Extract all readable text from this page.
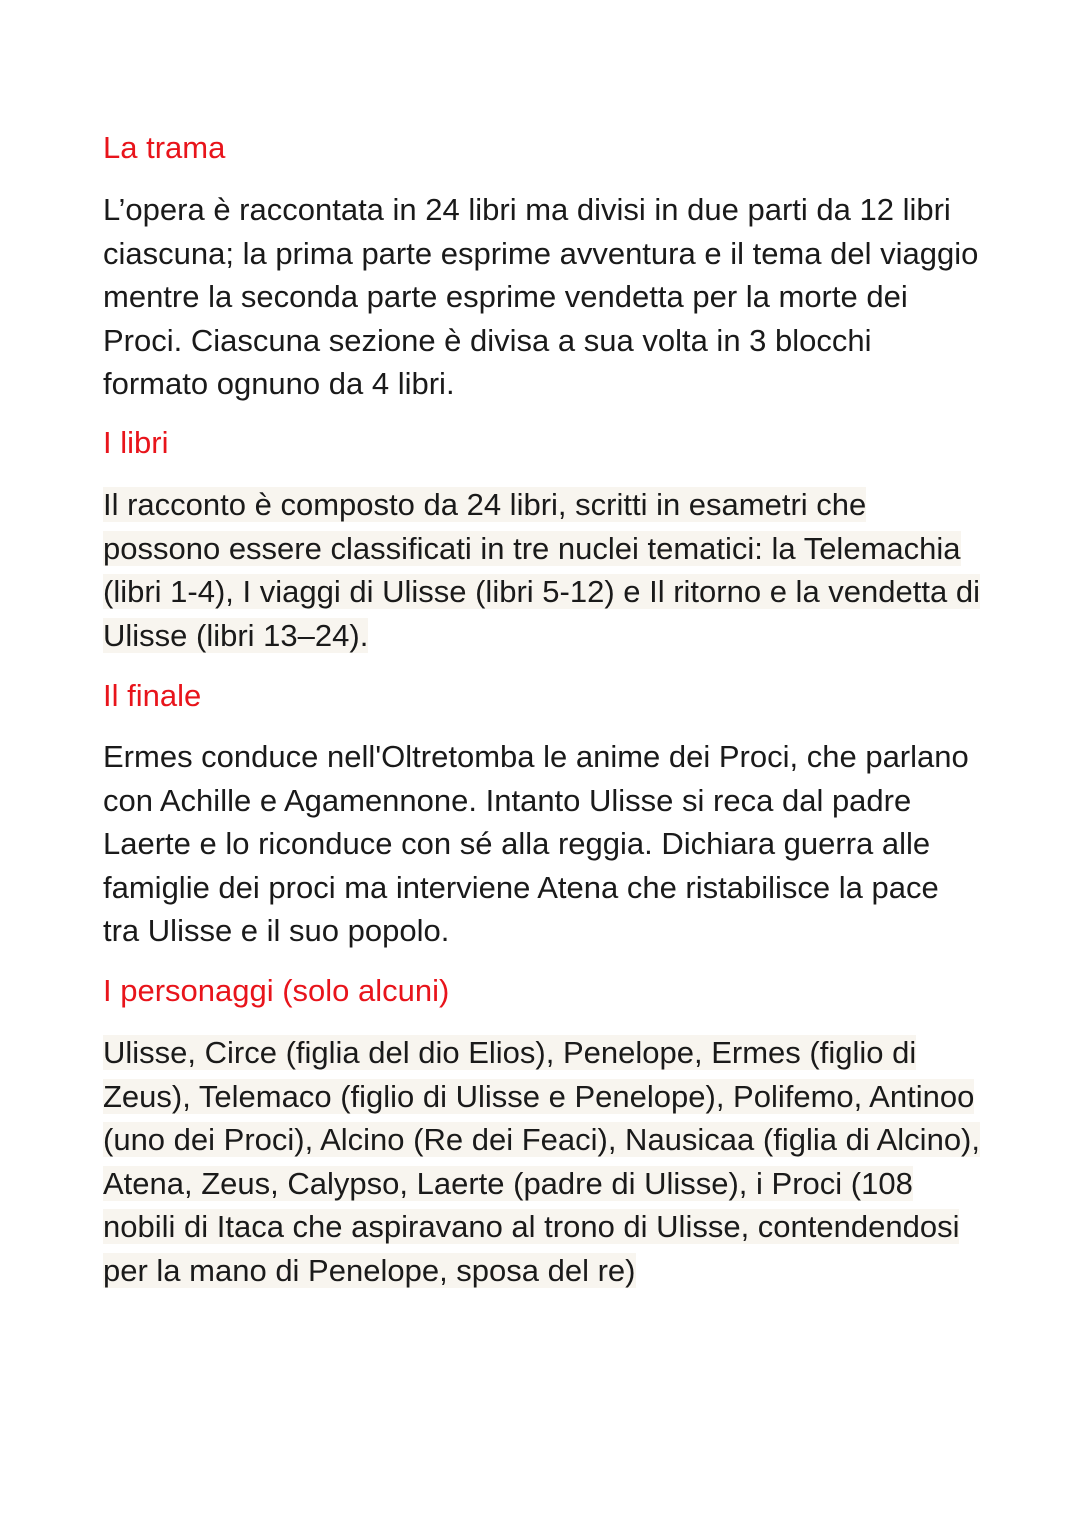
La trama

L’opera è raccontata in 24 libri ma divisi in due parti da 12 libri ciascuna; la prima parte esprime avventura e il tema del viaggio mentre la seconda parte esprime vendetta per la morte dei Proci. Ciascuna sezione è divisa a sua volta in 3 blocchi formato ognuno da 4 libri.

I libri

Il racconto è composto da 24 libri, scritti in esametri che possono essere classificati in tre nuclei tematici: la Telemachia (libri 1-4), I viaggi di Ulisse (libri 5-12) e Il ritorno e la vendetta di Ulisse (libri 13–24).

Il finale

Ermes conduce nell'Oltretomba le anime dei Proci, che parlano con Achille e Agamennone. Intanto Ulisse si reca dal padre Laerte e lo riconduce con sé alla reggia. Dichiara guerra alle famiglie dei proci ma interviene Atena che ristabilisce la pace tra Ulisse e il suo popolo.

I personaggi (solo alcuni)

Ulisse, Circe (figlia del dio Elios), Penelope, Ermes (figlio di Zeus), Telemaco (figlio di Ulisse e Penelope), Polifemo, Antinoo (uno dei Proci), Alcino (Re dei Feaci), Nausicaa (figlia di Alcino), Atena, Zeus, Calypso, Laerte (padre di Ulisse), i Proci (108 nobili di Itaca che aspiravano al trono di Ulisse, contendendosi per la mano di Penelope, sposa del re)
